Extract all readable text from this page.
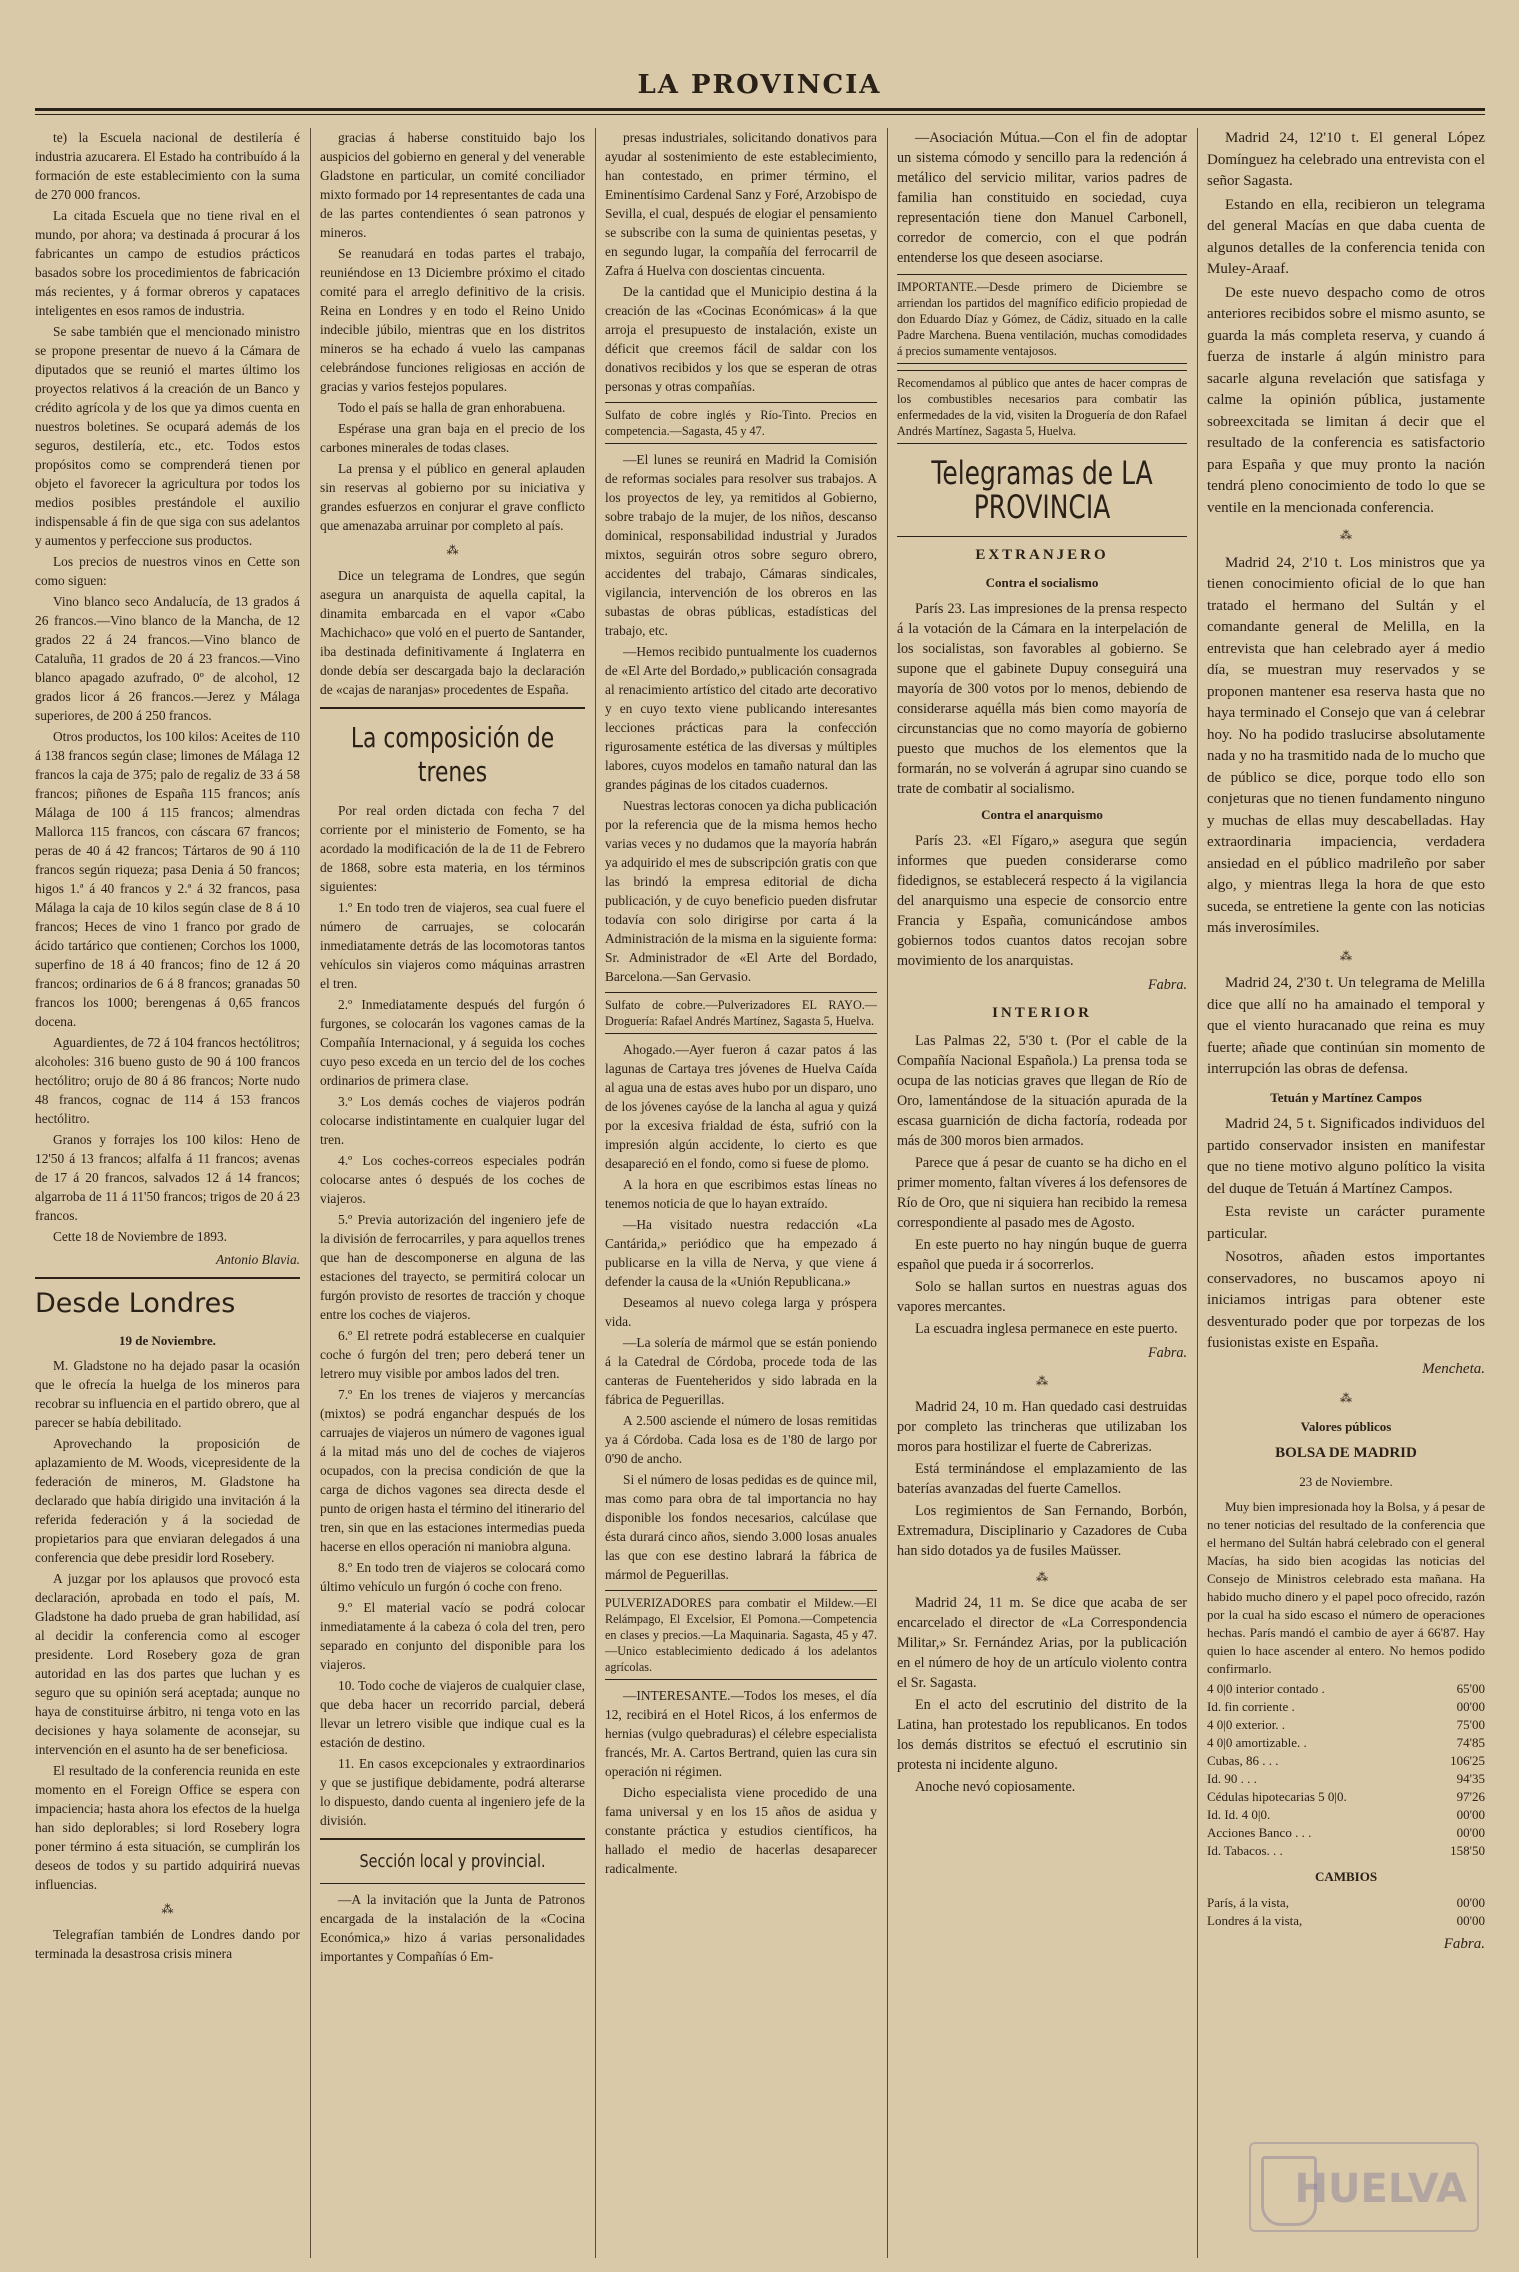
LA PROVINCIA

te) la Escuela nacional de destilería é industria azucarera. El Estado ha contribuído á la formación de este establecimiento con la suma de 270 000 francos.

La citada Escuela que no tiene rival en el mundo, por ahora; va destinada á procurar á los fabricantes un campo de estudios prácticos basados sobre los procedimientos de fabricación más recientes, y á formar obreros y capataces inteligentes en esos ramos de industria.

Se sabe también que el mencionado ministro se propone presentar de nuevo á la Cámara de diputados que se reunió el martes último los proyectos relativos á la creación de un Banco y crédito agrícola y de los que ya dimos cuenta en nuestros boletines. Se ocupará además de los seguros, destilería, etc., etc. Todos estos propósitos como se comprenderá tienen por objeto el favorecer la agricultura por todos los medios posibles prestándole el auxilio indispensable á fin de que siga con sus adelantos y aumentos y perfeccione sus productos.

Los precios de nuestros vinos en Cette son como siguen:

Vino blanco seco Andalucía, de 13 grados á 26 francos.—Vino blanco de la Mancha, de 12 grados 22 á 24 francos.—Vino blanco de Cataluña, 11 grados de 20 á 23 francos.—Vino blanco apagado azufrado, 0º de alcohol, 12 grados licor á 26 francos.—Jerez y Málaga superiores, de 200 á 250 francos.

Otros productos, los 100 kilos: Aceites de 110 á 138 francos según clase; limones de Málaga 12 francos la caja de 375; palo de regaliz de 33 á 58 francos; piñones de España 115 francos; anís Málaga de 100 á 115 francos; almendras Mallorca 115 francos, con cáscara 67 francos; peras de 40 á 42 francos; Tártaros de 90 á 110 francos según riqueza; pasa Denia á 50 francos; higos 1.ª á 40 francos y 2.ª á 32 francos, pasa Málaga la caja de 10 kilos según clase de 8 á 10 francos; Heces de vino 1 franco por grado de ácido tartárico que contienen; Corchos los 1000, superfino de 18 á 40 francos; fino de 12 á 20 francos; ordinarios de 6 á 8 francos; granadas 50 francos los 1000; berengenas á 0,65 francos docena.

Aguardientes, de 72 á 104 francos hectólitros; alcoholes: 316 bueno gusto de 90 á 100 francos hectólitro; orujo de 80 á 86 francos; Norte nudo 48 francos, cognac de 114 á 153 francos hectólitro.

Granos y forrajes los 100 kilos: Heno de 12'50 á 13 francos; alfalfa á 11 francos; avenas de 17 á 20 francos, salvados 12 á 14 francos; algarroba de 11 á 11'50 francos; trigos de 20 á 23 francos.

Cette 18 de Noviembre de 1893.

Antonio Blavia.
Desde Londres
19 de Noviembre.

M. Gladstone no ha dejado pasar la ocasión que le ofrecía la huelga de los mineros para recobrar su influencia en el partido obrero, que al parecer se había debilitado.

Aprovechando la proposición de aplazamiento de M. Woods, vicepresidente de la federación de mineros, M. Gladstone ha declarado que había dirigido una invitación á la referida federación y á la sociedad de propietarios para que enviaran delegados á una conferencia que debe presidir lord Rosebery.

A juzgar por los aplausos que provocó esta declaración, aprobada en todo el país, M. Gladstone ha dado prueba de gran habilidad, así al decidir la conferencia como al escoger presidente. Lord Rosebery goza de gran autoridad en las dos partes que luchan y es seguro que su opinión será aceptada; aunque no haya de constituirse árbitro, ni tenga voto en las decisiones y haya solamente de aconsejar, su intervención en el asunto ha de ser beneficiosa.

El resultado de la conferencia reunida en este momento en el Foreign Office se espera con impaciencia; hasta ahora los efectos de la huelga han sido deplorables; si lord Rosebery logra poner término á esta situación, se cumplirán los deseos de todos y su partido adquirirá nuevas influencias.

⁂

Telegrafían también de Londres dando por terminada la desastrosa crisis minera

gracias á haberse constituido bajo los auspicios del gobierno en general y del venerable Gladstone en particular, un comité conciliador mixto formado por 14 representantes de cada una de las partes contendientes ó sean patronos y mineros.

Se reanudará en todas partes el trabajo, reuniéndose en 13 Diciembre próximo el citado comité para el arreglo definitivo de la crisis. Reina en Londres y en todo el Reino Unido indecible júbilo, mientras que en los distritos mineros se ha echado á vuelo las campanas celebrándose funciones religiosas en acción de gracias y varios festejos populares.

Todo el país se halla de gran enhorabuena.

Espérase una gran baja en el precio de los carbones minerales de todas clases.

La prensa y el público en general aplauden sin reservas al gobierno por su iniciativa y grandes esfuerzos en conjurar el grave conflicto que amenazaba arruinar por completo al país.

⁂

Dice un telegrama de Londres, que según asegura un anarquista de aquella capital, la dinamita embarcada en el vapor «Cabo Machichaco» que voló en el puerto de Santander, iba destinada definitivamente á Inglaterra en donde debía ser descargada bajo la declaración de «cajas de naranjas» procedentes de España.

La composición de trenes

Por real orden dictada con fecha 7 del corriente por el ministerio de Fomento, se ha acordado la modificación de la de 11 de Febrero de 1868, sobre esta materia, en los términos siguientes:

1.º En todo tren de viajeros, sea cual fuere el número de carruajes, se colocarán inmediatamente detrás de las locomotoras tantos vehículos sin viajeros como máquinas arrastren el tren.

2.º Inmediatamente después del furgón ó furgones, se colocarán los vagones camas de la Compañía Internacional, y á seguida los coches cuyo peso exceda en un tercio del de los coches ordinarios de primera clase.

3.º Los demás coches de viajeros podrán colocarse indistintamente en cualquier lugar del tren.

4.º Los coches-correos especiales podrán colocarse antes ó después de los coches de viajeros.

5.º Previa autorización del ingeniero jefe de la división de ferrocarriles, y para aquellos trenes que han de descomponerse en alguna de las estaciones del trayecto, se permitirá colocar un furgón provisto de resortes de tracción y choque entre los coches de viajeros.

6.º El retrete podrá establecerse en cualquier coche ó furgón del tren; pero deberá tener un letrero muy visible por ambos lados del tren.

7.º En los trenes de viajeros y mercancías (mixtos) se podrá enganchar después de los carruajes de viajeros un número de vagones igual á la mitad más uno del de coches de viajeros ocupados, con la precisa condición de que la carga de dichos vagones sea directa desde el punto de origen hasta el término del itinerario del tren, sin que en las estaciones intermedias pueda hacerse en ellos operación ni maniobra alguna.

8.º En todo tren de viajeros se colocará como último vehículo un furgón ó coche con freno.

9.º El material vacío se podrá colocar inmediatamente á la cabeza ó cola del tren, pero separado en conjunto del disponible para los viajeros.

10. Todo coche de viajeros de cualquier clase, que deba hacer un recorrido parcial, deberá llevar un letrero visible que indique cual es la estación de destino.

11. En casos excepcionales y extraordinarios y que se justifique debidamente, podrá alterarse lo dispuesto, dando cuenta al ingeniero jefe de la división.

Sección local y provincial.

—A la invitación que la Junta de Patronos encargada de la instalación de la «Cocina Económica,» hizo á varias personalidades importantes y Compañías ó Em-

presas industriales, solicitando donativos para ayudar al sostenimiento de este establecimiento, han contestado, en primer término, el Eminentísimo Cardenal Sanz y Foré, Arzobispo de Sevilla, el cual, después de elogiar el pensamiento se subscribe con la suma de quinientas pesetas, y en segundo lugar, la compañía del ferrocarril de Zafra á Huelva con doscientas cincuenta.

De la cantidad que el Municipio destina á la creación de las «Cocinas Económicas» á la que arroja el presupuesto de instalación, existe un déficit que creemos fácil de saldar con los donativos recibidos y los que se esperan de otras personas y otras compañías.

Sulfato de cobre inglés y Río-Tinto. Precios en competencia.—Sagasta, 45 y 47.

—El lunes se reunirá en Madrid la Comisión de reformas sociales para resolver sus trabajos. A los proyectos de ley, ya remitidos al Gobierno, sobre trabajo de la mujer, de los niños, descanso dominical, responsabilidad industrial y Jurados mixtos, seguirán otros sobre seguro obrero, accidentes del trabajo, Cámaras sindicales, vigilancia, intervención de los obreros en las subastas de obras públicas, estadísticas del trabajo, etc.

—Hemos recibido puntualmente los cuadernos de «El Arte del Bordado,» publicación consagrada al renacimiento artístico del citado arte decorativo y en cuyo texto viene publicando interesantes lecciones prácticas para la confección rigurosamente estética de las diversas y múltiples labores, cuyos modelos en tamaño natural dan las grandes páginas de los citados cuadernos.

Nuestras lectoras conocen ya dicha publicación por la referencia que de la misma hemos hecho varias veces y no dudamos que la mayoría habrán ya adquirido el mes de subscripción gratis con que las brindó la empresa editorial de dicha publicación, y de cuyo beneficio pueden disfrutar todavía con solo dirigirse por carta á la Administración de la misma en la siguiente forma: Sr. Administrador de «El Arte del Bordado, Barcelona.—San Gervasio.

Sulfato de cobre.—Pulverizadores EL RAYO.—Droguería: Rafael Andrés Martínez, Sagasta 5, Huelva.

Ahogado.—Ayer fueron á cazar patos á las lagunas de Cartaya tres jóvenes de Huelva Caída al agua una de estas aves hubo por un disparo, uno de los jóvenes cayóse de la lancha al agua y quizá por la excesiva frialdad de ésta, sufrió con la impresión algún accidente, lo cierto es que desapareció en el fondo, como si fuese de plomo.

A la hora en que escribimos estas líneas no tenemos noticia de que lo hayan extraído.

—Ha visitado nuestra redacción «La Cantárida,» periódico que ha empezado á publicarse en la villa de Nerva, y que viene á defender la causa de la «Unión Republicana.»

Deseamos al nuevo colega larga y próspera vida.

—La solería de mármol que se están poniendo á la Catedral de Córdoba, procede toda de las canteras de Fuenteheridos y sido labrada en la fábrica de Peguerillas.

A 2.500 asciende el número de losas remitidas ya á Córdoba. Cada losa es de 1'80 de largo por 0'90 de ancho.

Si el número de losas pedidas es de quince mil, mas como para obra de tal importancia no hay disponible los fondos necesarios, calcúlase que ésta durará cinco años, siendo 3.000 losas anuales las que con ese destino labrará la fábrica de mármol de Peguerillas.

PULVERIZADORES para combatir el Mildew.—El Relámpago, El Excelsior, El Pomona.—Competencia en clases y precios.—La Maquinaria. Sagasta, 45 y 47.—Unico establecimiento dedicado á los adelantos agrícolas.

—INTERESANTE.—Todos los meses, el día 12, recibirá en el Hotel Ricos, á los enfermos de hernias (vulgo quebraduras) el célebre especialista francés, Mr. A. Cartos Bertrand, quien las cura sin operación ni régimen.

Dicho especialista viene procedido de una fama universal y en los 15 años de asidua y constante práctica y estudios científicos, ha hallado el medio de hacerlas desaparecer radicalmente.

—Asociación Mútua.—Con el fin de adoptar un sistema cómodo y sencillo para la redención á metálico del servicio militar, varios padres de familia han constituido en sociedad, cuya representación tiene don Manuel Carbonell, corredor de comercio, con el que podrán entenderse los que deseen asociarse.

IMPORTANTE.—Desde primero de Diciembre se arriendan los partidos del magnífico edificio propiedad de don Eduardo Díaz y Gómez, de Cádiz, situado en la calle Padre Marchena. Buena ventilación, muchas comodidades á precios sumamente ventajosos.
Recomendamos al público que antes de hacer compras de los combustibles necesarios para combatir las enfermedades de la vid, visiten la Droguería de don Rafael Andrés Martínez, Sagasta 5, Huelva.
Telegramas de LA PROVINCIA
EXTRANJERO
Contra el socialismo

París 23. Las impresiones de la prensa respecto á la votación de la Cámara en la interpelación de los socialistas, son favorables al gobierno. Se supone que el gabinete Dupuy conseguirá una mayoría de 300 votos por lo menos, debiendo de considerarse aquélla más bien como mayoría de circunstancias que no como mayoría de gobierno puesto que muchos de los elementos que la formarán, no se volverán á agrupar sino cuando se trate de combatir al socialismo.

Contra el anarquismo

París 23. «El Fígaro,» asegura que según informes que pueden considerarse como fidedignos, se establecerá respecto á la vigilancia del anarquismo una especie de consorcio entre Francia y España, comunicándose ambos gobiernos todos cuantos datos recojan sobre movimiento de los anarquistas.

Fabra.
INTERIOR

Las Palmas 22, 5'30 t. (Por el cable de la Compañía Nacional Española.) La prensa toda se ocupa de las noticias graves que llegan de Río de Oro, lamentándose de la situación apurada de la escasa guarnición de dicha factoría, rodeada por más de 300 moros bien armados.

Parece que á pesar de cuanto se ha dicho en el primer momento, faltan víveres á los defensores de Río de Oro, que ni siquiera han recibido la remesa correspondiente al pasado mes de Agosto.

En este puerto no hay ningún buque de guerra español que pueda ir á socorrerlos.

Solo se hallan surtos en nuestras aguas dos vapores mercantes.

La escuadra inglesa permanece en este puerto.

Fabra.
⁂

Madrid 24, 10 m. Han quedado casi destruidas por completo las trincheras que utilizaban los moros para hostilizar el fuerte de Cabrerizas.

Está terminándose el emplazamiento de las baterías avanzadas del fuerte Camellos.

Los regimientos de San Fernando, Borbón, Extremadura, Disciplinario y Cazadores de Cuba han sido dotados ya de fusiles Maüsser.

⁂

Madrid 24, 11 m. Se dice que acaba de ser encarcelado el director de «La Correspondencia Militar,» Sr. Fernández Arias, por la publicación en el número de hoy de un artículo violento contra el Sr. Sagasta.

En el acto del escrutinio del distrito de la Latina, han protestado los republicanos. En todos los demás distritos se efectuó el escrutinio sin protesta ni incidente alguno.

Anoche nevó copiosamente.

Madrid 24, 12'10 t. El general López Domínguez ha celebrado una entrevista con el señor Sagasta.

Estando en ella, recibieron un telegrama del general Macías en que daba cuenta de algunos detalles de la conferencia tenida con Muley-Araaf.

De este nuevo despacho como de otros anteriores recibidos sobre el mismo asunto, se guarda la más completa reserva, y cuando á fuerza de instarle á algún ministro para sacarle alguna revelación que satisfaga y calme la opinión pública, justamente sobreexcitada se limitan á decir que el resultado de la conferencia es satisfactorio para España y que muy pronto la nación tendrá pleno conocimiento de todo lo que se ventile en la mencionada conferencia.

⁂

Madrid 24, 2'10 t. Los ministros que ya tienen conocimiento oficial de lo que han tratado el hermano del Sultán y el comandante general de Melilla, en la entrevista que han celebrado ayer á medio día, se muestran muy reservados y se proponen mantener esa reserva hasta que no haya terminado el Consejo que van á celebrar hoy. No ha podido traslucirse absolutamente nada y no ha trasmitido nada de lo mucho que de público se dice, porque todo ello son conjeturas que no tienen fundamento ninguno y muchas de ellas muy descabelladas. Hay extraordinaria impaciencia, verdadera ansiedad en el público madrileño por saber algo, y mientras llega la hora de que esto suceda, se entretiene la gente con las noticias más inverosímiles.

⁂

Madrid 24, 2'30 t. Un telegrama de Melilla dice que allí no ha amainado el temporal y que el viento huracanado que reina es muy fuerte; añade que continúan sin momento de interrupción las obras de defensa.

Tetuán y Martínez Campos

Madrid 24, 5 t. Significados individuos del partido conservador insisten en manifestar que no tiene motivo alguno político la visita del duque de Tetuán á Martínez Campos.

Esta reviste un carácter puramente particular.

Nosotros, añaden estos importantes conservadores, no buscamos apoyo ni iniciamos intrigas para obtener este desventurado poder que por torpezas de los fusionistas existe en España.

Mencheta.
⁂
Valores públicos
BOLSA DE MADRID
23 de Noviembre.

Muy bien impresionada hoy la Bolsa, y á pesar de no tener noticias del resultado de la conferencia que el hermano del Sultán habrá celebrado con el general Macías, ha sido bien acogidas las noticias del Consejo de Ministros celebrado esta mañana. Ha habido mucho dinero y el papel poco ofrecido, razón por la cual ha sido escaso el número de operaciones hechas. París mandó el cambio de ayer á 66'87. Hay quien lo hace ascender al entero. No hemos podido confirmarlo.

4 0|0 interior contado .	65'00
Id. fin corriente .	00'00
4 0|0 exterior. .	75'00
4 0|0 amortizable. .	74'85
Cubas, 86 . . .	106'25
Id. 90 . . .	94'35
Cédulas hipotecarias 5 0|0.	97'26
Id. Id. 4 0|0.	00'00
Acciones Banco . . .	00'00
Id. Tabacos. . .	158'50
CAMBIOS
París, á la vista,	00'00
Londres á la vista,	00'00
Fabra.
HUELVA
